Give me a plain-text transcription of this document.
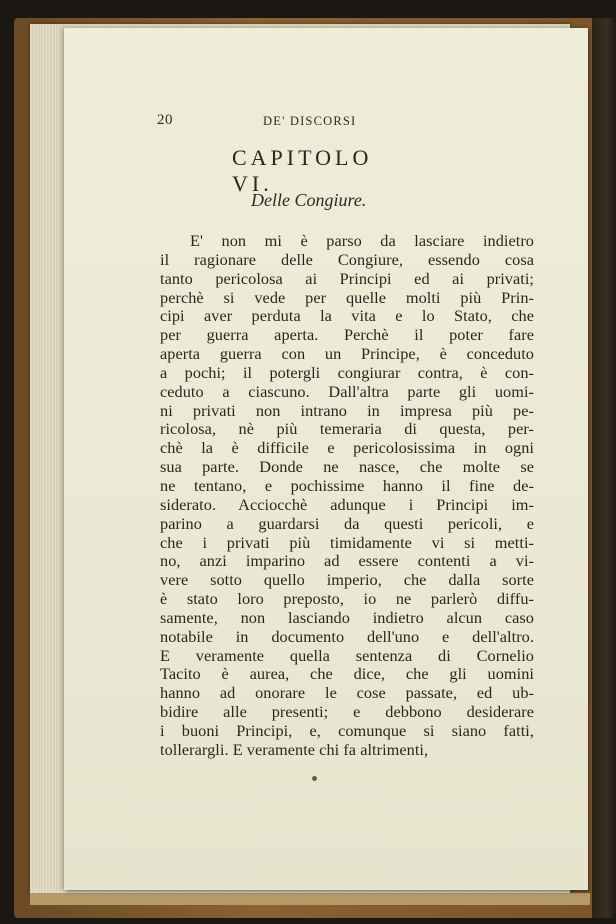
20	DE' DISCORSI
CAPITOLO VI.
Delle Congiure.
E' non mi è parso da lasciare indietro
il ragionare delle Congiure, essendo cosa
tanto pericolosa ai Principi ed ai privati;
perchè si vede per quelle molti più Prin-
cipi aver perduta la vita e lo Stato, che
per guerra aperta. Perchè il poter fare
aperta guerra con un Principe, è conceduto
a pochi; il potergli congiurar contra, è con-
ceduto a ciascuno. Dall'altra parte gli uomi-
ni privati non intrano in impresa più pe-
ricolosa, nè più temeraria di questa, per-
chè la è difficile e pericolosissima in ogni
sua parte. Donde ne nasce, che molte se
ne tentano, e pochissime hanno il fine de-
siderato. Acciocchè adunque i Principi im-
parino a guardarsi da questi pericoli, e
che i privati più timidamente vi si metti-
no, anzi imparino ad essere contenti a vi-
vere sotto quello imperio, che dalla sorte
è stato loro preposto, io ne parlerò diffu-
samente, non lasciando indietro alcun caso
notabile in documento dell'uno e dell'altro.
E veramente quella sentenza di Cornelio
Tacito è aurea, che dice, che gli uomini
hanno ad onorare le cose passate, ed ub-
bidire alle presenti; e debbono desiderare
i buoni Principi, e, comunque si siano fatti,
tollerargli. E veramente chi fa altrimenti,
